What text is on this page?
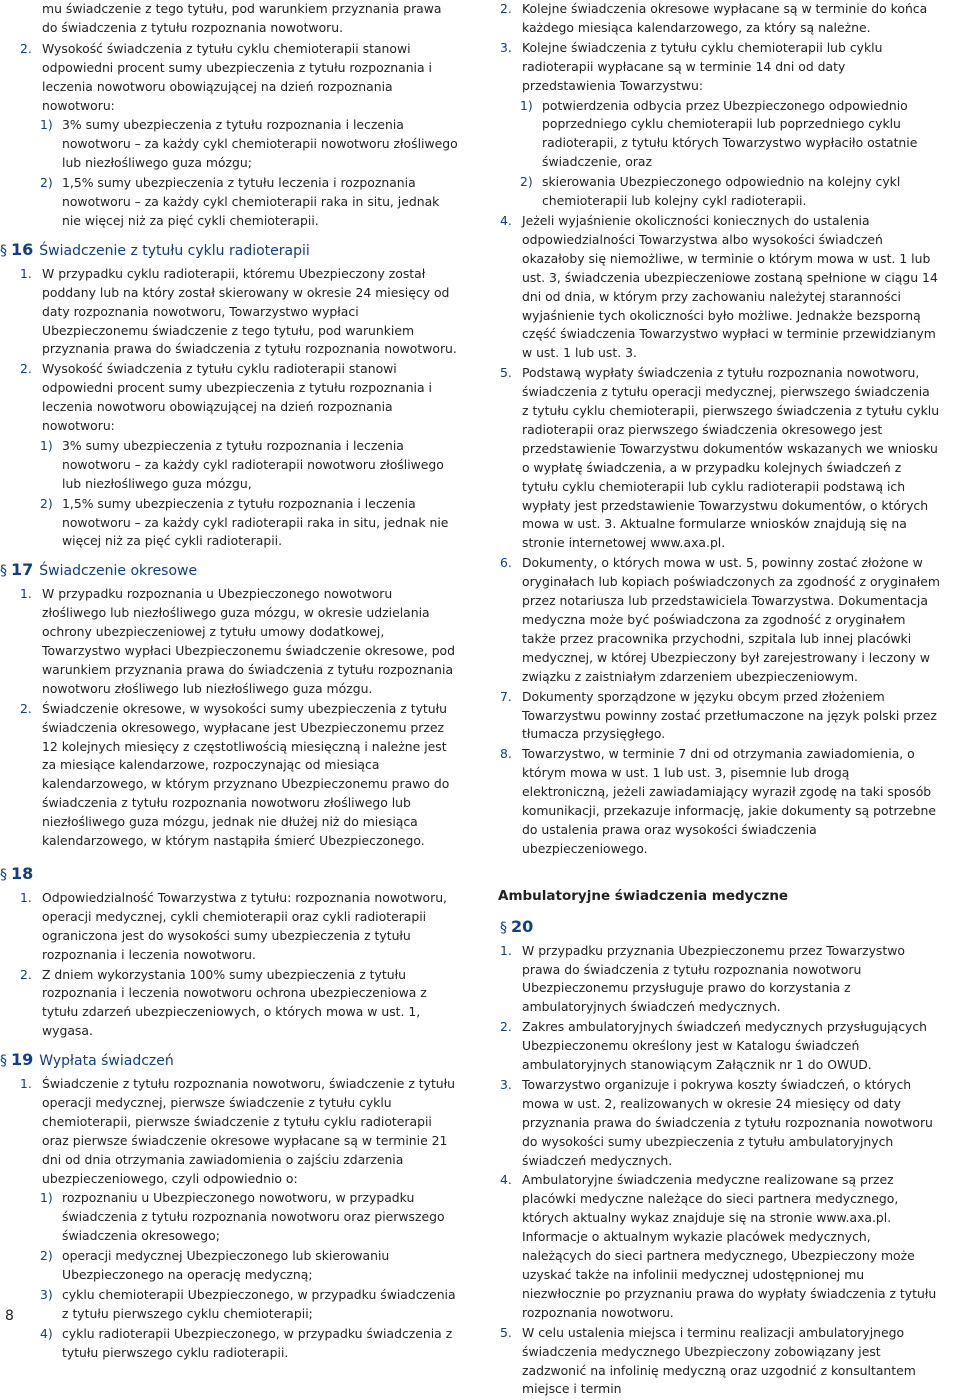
mu świadczenie z tego tytułu, pod warunkiem przyznania prawa do świadczenia z tytułu rozpoznania nowotworu.

2. Wysokość świadczenia z tytułu cyklu chemioterapii stanowi odpowiedni procent sumy ubezpieczenia z tytułu rozpoznania i leczenia nowotworu obowiązującej na dzień rozpoznania nowotworu:

1) 3% sumy ubezpieczenia z tytułu rozpoznania i leczenia nowotworu – za każdy cykl chemioterapii nowotworu złośliwego lub niezłośliwego guza mózgu;

2) 1,5% sumy ubezpieczenia z tytułu leczenia i rozpoznania nowotworu – za każdy cykl chemioterapii raka in situ, jednak nie więcej niż za pięć cykli chemioterapii.

§ 16 Świadczenie z tytułu cyklu radioterapii

1. W przypadku cyklu radioterapii, któremu Ubezpieczony został poddany lub na który został skierowany w okresie 24 miesięcy od daty rozpoznania nowotworu, Towarzystwo wypłaci Ubezpieczonemu świadczenie z tego tytułu, pod warunkiem przyznania prawa do świadczenia z tytułu rozpoznania nowotworu.

2. Wysokość świadczenia z tytułu cyklu radioterapii stanowi odpowiedni procent sumy ubezpieczenia z tytułu rozpoznania i leczenia nowotworu obowiązującej na dzień rozpoznania nowotworu:

1) 3% sumy ubezpieczenia z tytułu rozpoznania i leczenia nowotworu – za każdy cykl radioterapii nowotworu złośliwego lub niezłośliwego guza mózgu,

2) 1,5% sumy ubezpieczenia z tytułu rozpoznania i leczenia nowotworu – za każdy cykl radioterapii raka in situ, jednak nie więcej niż za pięć cykli radioterapii.

§ 17 Świadczenie okresowe

1. W przypadku rozpoznania u Ubezpieczonego nowotworu złośliwego lub niezłośliwego guza mózgu, w okresie udzielania ochrony ubezpieczeniowej z tytułu umowy dodatkowej, Towarzystwo wypłaci Ubezpieczonemu świadczenie okresowe, pod warunkiem przyznania prawa do świadczenia z tytułu rozpoznania nowotworu złośliwego lub niezłośliwego guza mózgu.

2. Świadczenie okresowe, w wysokości sumy ubezpieczenia z tytułu świadczenia okresowego, wypłacane jest Ubezpieczonemu przez 12 kolejnych miesięcy z częstotliwością miesięczną i należne jest za miesiące kalendarzowe, rozpoczynając od miesiąca kalendarzowego, w którym przyznano Ubezpieczonemu prawo do świadczenia z tytułu rozpoznania nowotworu złośliwego lub niezłośliwego guza mózgu, jednak nie dłużej niż do miesiąca kalendarzowego, w którym nastąpiła śmierć Ubezpieczonego.

§ 18

1. Odpowiedzialność Towarzystwa z tytułu: rozpoznania nowotworu, operacji medycznej, cykli chemioterapii oraz cykli radioterapii ograniczona jest do wysokości sumy ubezpieczenia z tytułu rozpoznania i leczenia nowotworu.

2. Z dniem wykorzystania 100% sumy ubezpieczenia z tytułu rozpoznania i leczenia nowotworu ochrona ubezpieczeniowa z tytułu zdarzeń ubezpieczeniowych, o których mowa w ust. 1, wygasa.

§ 19 Wypłata świadczeń

1. Świadczenie z tytułu rozpoznania nowotworu, świadczenie z tytułu operacji medycznej, pierwsze świadczenie z tytułu cyklu chemioterapii, pierwsze świadczenie z tytułu cyklu radioterapii oraz pierwsze świadczenie okresowe wypłacane są w terminie 21 dni od dnia otrzymania zawiadomienia o zajściu zdarzenia ubezpieczeniowego, czyli odpowiednio o:

1) rozpoznaniu u Ubezpieczonego nowotworu, w przypadku świadczenia z tytułu rozpoznania nowotworu oraz pierwszego świadczenia okresowego;

2) operacji medycznej Ubezpieczonego lub skierowaniu Ubezpieczonego na operację medyczną;

3) cyklu chemioterapii Ubezpieczonego, w przypadku świadczenia z tytułu pierwszego cyklu chemioterapii;

4) cyklu radioterapii Ubezpieczonego, w przypadku świadczenia z tytułu pierwszego cyklu radioterapii.

2. Kolejne świadczenia okresowe wypłacane są w terminie do końca każdego miesiąca kalendarzowego, za który są należne.

3. Kolejne świadczenia z tytułu cyklu chemioterapii lub cyklu radioterapii wypłacane są w terminie 14 dni od daty przedstawienia Towarzystwu:

1) potwierdzenia odbycia przez Ubezpieczonego odpowiednio poprzedniego cyklu chemioterapii lub poprzedniego cyklu radioterapii, z tytułu których Towarzystwo wypłaciło ostatnie świadczenie, oraz

2) skierowania Ubezpieczonego odpowiednio na kolejny cykl chemioterapii lub kolejny cykl radioterapii.

4. Jeżeli wyjaśnienie okoliczności koniecznych do ustalenia odpowiedzialności Towarzystwa albo wysokości świadczeń okazałoby się niemożliwe, w terminie o którym mowa w ust. 1 lub ust. 3, świadczenia ubezpieczeniowe zostaną spełnione w ciągu 14 dni od dnia, w którym przy zachowaniu należytej staranności wyjaśnienie tych okoliczności było możliwe. Jednakże bezsporną część świadczenia Towarzystwo wypłaci w terminie przewidzianym w ust. 1 lub ust. 3.

5. Podstawą wypłaty świadczenia z tytułu rozpoznania nowotworu, świadczenia z tytułu operacji medycznej, pierwszego świadczenia z tytułu cyklu chemioterapii, pierwszego świadczenia z tytułu cyklu radioterapii oraz pierwszego świadczenia okresowego jest przedstawienie Towarzystwu dokumentów wskazanych we wniosku o wypłatę świadczenia, a w przypadku kolejnych świadczeń z tytułu cyklu chemioterapii lub cyklu radioterapii podstawą ich wypłaty jest przedstawienie Towarzystwu dokumentów, o których mowa w ust. 3. Aktualne formularze wniosków znajdują się na stronie internetowej www.axa.pl.

6. Dokumenty, o których mowa w ust. 5, powinny zostać złożone w oryginałach lub kopiach poświadczonych za zgodność z oryginałem przez notariusza lub przedstawiciela Towarzystwa. Dokumentacja medyczna może być poświadczona za zgodność z oryginałem także przez pracownika przychodni, szpitala lub innej placówki medycznej, w której Ubezpieczony był zarejestrowany i leczony w związku z zaistniałym zdarzeniem ubezpieczeniowym.

7. Dokumenty sporządzone w języku obcym przed złożeniem Towarzystwu powinny zostać przetłumaczone na język polski przez tłumacza przysięgłego.

8. Towarzystwo, w terminie 7 dni od otrzymania zawiadomienia, o którym mowa w ust. 1 lub ust. 3, pisemnie lub drogą elektroniczną, jeżeli zawiadamiający wyraził zgodę na taki sposób komunikacji, przekazuje informację, jakie dokumenty są potrzebne do ustalenia prawa oraz wysokości świadczenia ubezpieczeniowego.

Ambulatoryjne świadczenia medyczne
§ 20

1. W przypadku przyznania Ubezpieczonemu przez Towarzystwo prawa do świadczenia z tytułu rozpoznania nowotworu Ubezpieczonemu przysługuje prawo do korzystania z ambulatoryjnych świadczeń medycznych.

2. Zakres ambulatoryjnych świadczeń medycznych przysługujących Ubezpieczonemu określony jest w Katalogu świadczeń ambulatoryjnych stanowiącym Załącznik nr 1 do OWUD.

3. Towarzystwo organizuje i pokrywa koszty świadczeń, o których mowa w ust. 2, realizowanych w okresie 24 miesięcy od daty przyznania prawa do świadczenia z tytułu rozpoznania nowotworu do wysokości sumy ubezpieczenia z tytułu ambulatoryjnych świadczeń medycznych.

4. Ambulatoryjne świadczenia medyczne realizowane są przez placówki medyczne należące do sieci partnera medycznego, których aktualny wykaz znajduje się na stronie www.axa.pl. Informacje o aktualnym wykazie placówek medycznych, należących do sieci partnera medycznego, Ubezpieczony może uzyskać także na infolinii medycznej udostępnionej mu niezwłocznie po przyznaniu prawa do wypłaty świadczenia z tytułu rozpoznania nowotworu.

5. W celu ustalenia miejsca i terminu realizacji ambulatoryjnego świadczenia medycznego Ubezpieczony zobowiązany jest zadzwonić na infolinię medyczną oraz uzgodnić z konsultantem miejsce i termin

8
